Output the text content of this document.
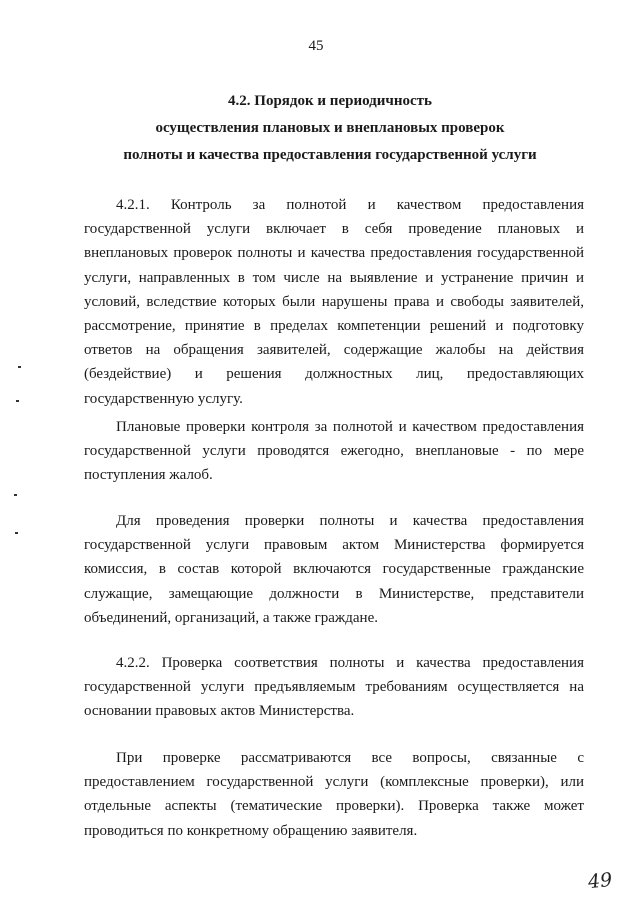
45
4.2. Порядок и периодичность
осуществления плановых и внеплановых проверок
полноты и качества предоставления государственной услуги

4.2.1. Контроль за полнотой и качеством предоставления государственной услуги включает в себя проведение плановых и внеплановых проверок полноты и качества предоставления государственной услуги, направленных в том числе на выявление и устранение причин и условий, вследствие которых были нарушены права и свободы заявителей, рассмотрение, принятие в пределах компетенции решений и подготовку ответов на обращения заявителей, содержащие жалобы на действия (бездействие) и решения должностных лиц, предоставляющих государственную услугу.

Плановые проверки контроля за полнотой и качеством предоставления государственной услуги проводятся ежегодно, внеплановые - по мере поступления жалоб.

Для проведения проверки полноты и качества предоставления государственной услуги правовым актом Министерства формируется комиссия, в состав которой включаются государственные гражданские служащие, замещающие должности в Министерстве, представители объединений, организаций, а также граждане.

4.2.2. Проверка соответствия полноты и качества предоставления государственной услуги предъявляемым требованиям осуществляется на основании правовых актов Министерства.

При проверке рассматриваются все вопросы, связанные с предоставлением государственной услуги (комплексные проверки), или отдельные аспекты (тематические проверки). Проверка также может проводиться по конкретному обращению заявителя.

49
